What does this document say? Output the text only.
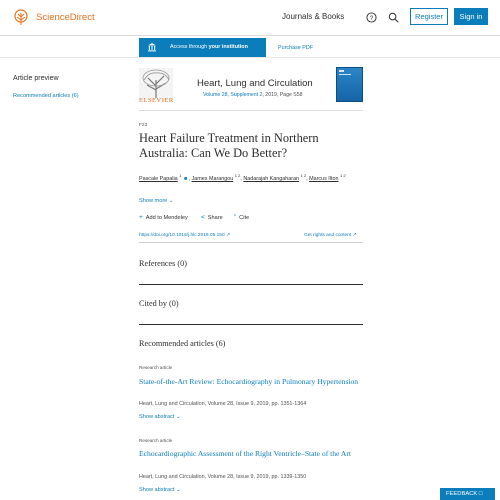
ScienceDirect	Journals & Books	?	Register	Sign in
Access through your institution	Purchase PDF
Article preview
Recommended articles (6)
ELSEVIER
Heart, Lung and Circulation
Volume 28, Supplement 2, 2019, Page S58
F23
Heart Failure Treatment in Northern Australia: Can We Do Better?
Pascale Papalia $^1$ ☻, James Marangou $^{1 2}$, Nadarajah Kangaharan $^{1 2}$, Marcus Ilton $^{1 2}$
Show more ⌄
+ Add to Mendeley < Share ” Cite
https://doi.org/10.1016/j.hlc.2019.05.150 ↗	Get rights and content ↗
References (0)
Cited by (0)
Recommended articles (6)
Research article
State-of-the-Art Review: Echocardiography in Pulmonary Hypertension
Heart, Lung and Circulation, Volume 28, Issue 9, 2019, pp. 1351-1364
Show abstract ⌄
Research article
Echocardiographic Assessment of the Right Ventricle–State of the Art
Heart, Lung and Circulation, Volume 28, Issue 9, 2019, pp. 1339-1350
Show abstract ⌄
FEEDBACK □
